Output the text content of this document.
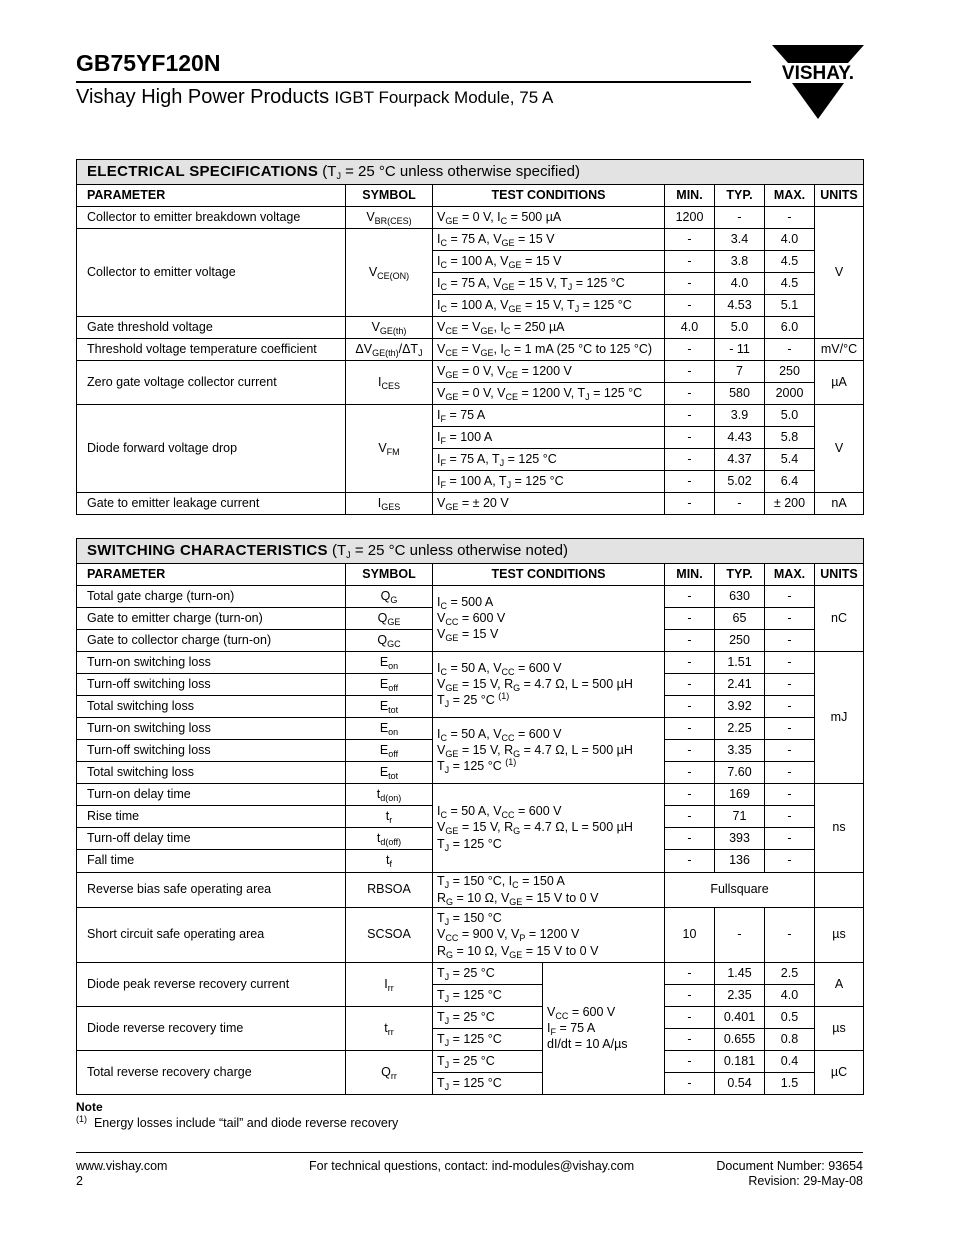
GB75YF120N
Vishay High Power Products IGBT Fourpack Module, 75 A
VISHAY.
ELECTRICAL SPECIFICATIONS ($T_J = 25$ °C unless otherwise specified)						
PARAMETER	SYMBOL	TEST CONDITIONS	MIN.	TYP.	MAX.	UNITS
Collector to emitter breakdown voltage	$V_{BR(CES)}$	$V_{GE} = 0$ V, $I_C = 500$ µA	1200	-	-	V
Collector to emitter voltage	$V_{CE(ON)}$	$I_C = 75$ A, $V_{GE} = 15$ V	-	3.4	4.0	
		$I_C = 100$ A, $V_{GE} = 15$ V	-	3.8	4.5	
		$I_C = 75$ A, $V_{GE} = 15$ V, $T_J = 125$ °C	-	4.0	4.5	
		$I_C = 100$ A, $V_{GE} = 15$ V, $T_J = 125$ °C	-	4.53	5.1	
Gate threshold voltage	$V_{GE(th)}$	$V_{CE} = V_{GE}$, $I_C = 250$ µA	4.0	5.0	6.0	
Threshold voltage temperature coefficient	$\Delta V_{GE(th)}/\Delta T_J$	$V_{CE} = V_{GE}$, $I_C = 1$ mA (25 °C to 125 °C)	-	- 11	-	mV/°C
Zero gate voltage collector current	$I_{CES}$	$V_{GE} = 0$ V, $V_{CE} = 1200$ V	-	7	250	µA
		$V_{GE} = 0$ V, $V_{CE} = 1200$ V, $T_J = 125$ °C	-	580	2000	
Diode forward voltage drop	$V_{FM}$	$I_F = 75$ A	-	3.9	5.0	V
		$I_F = 100$ A	-	4.43	5.8	
		$I_F = 75$ A, $T_J = 125$ °C	-	4.37	5.4	
		$I_F = 100$ A, $T_J = 125$ °C	-	5.02	6.4	
Gate to emitter leakage current	$I_{GES}$	$V_{GE}$ = ± 20 V	-	-	± 200	nA
SWITCHING CHARACTERISTICS ($T_J = 25$ °C unless otherwise noted)							
PARAMETER	SYMBOL	TEST CONDITIONS		MIN.	TYP.	MAX.	UNITS
Total gate charge (turn-on)	$Q_G$	$I_C = 500$ A
$V_{CC} = 600$ V
$V_{GE} = 15$ V		-	630	-	nC
Gate to emitter charge (turn-on)	$Q_{GE}$			-	65	-	
Gate to collector charge (turn-on)	$Q_{GC}$			-	250	-	
Turn-on switching loss	$E_{on}$	$I_C = 50$ A, $V_{CC} = 600$ V
$V_{GE} = 15$ V, $R_G = 4.7$ Ω, L = 500 µH
$T_J = 25$ °C $^{(1)}$		-	1.51	-	mJ
Turn-off switching loss	$E_{off}$			-	2.41	-	
Total switching loss	$E_{tot}$			-	3.92	-	
Turn-on switching loss	$E_{on}$	$I_C = 50$ A, $V_{CC} = 600$ V
$V_{GE} = 15$ V, $R_G = 4.7$ Ω, L = 500 µH
$T_J = 125$ °C $^{(1)}$		-	2.25	-	
Turn-off switching loss	$E_{off}$			-	3.35	-	
Total switching loss	$E_{tot}$			-	7.60	-	
Turn-on delay time	$t_{d(on)}$	$I_C = 50$ A, $V_{CC} = 600$ V
$V_{GE} = 15$ V, $R_G = 4.7$ Ω, L = 500 µH
$T_J = 125$ °C		-	169	-	ns
Rise time	$t_r$			-	71	-	
Turn-off delay time	$t_{d(off)}$			-	393	-	
Fall time	$t_f$			-	136	-	
Reverse bias safe operating area	RBSOA	$T_J = 150$ °C, $I_C = 150$ A
$R_G = 10$ Ω, $V_{GE} = 15$ V to 0 V		Fullsquare			
Short circuit safe operating area	SCSOA	$T_J = 150$ °C
$V_{CC} = 900$ V, $V_P = 1200$ V
$R_G = 10$ Ω, $V_{GE} = 15$ V to 0 V		10	-	-	µs
Diode peak reverse recovery current	$I_{rr}$	$T_J = 25$ °C	$V_{CC} = 600$ V
$I_F = 75$ A
dI/dt = 10 A/µs	-	1.45	2.5	A
		$T_J = 125$ °C		-	2.35	4.0	
Diode reverse recovery time	$t_{rr}$	$T_J = 25$ °C		-	0.401	0.5	µs
		$T_J = 125$ °C		-	0.655	0.8	
Total reverse recovery charge	$Q_{rr}$	$T_J = 25$ °C		-	0.181	0.4	µC
		$T_J = 125$ °C		-	0.54	1.5	
Note
$^{(1)}$ Energy losses include “tail” and diode reverse recovery
www.vishay.com
2
For technical questions, contact: ind-modules@vishay.com	Document Number: 93654
Revision: 29-May-08
